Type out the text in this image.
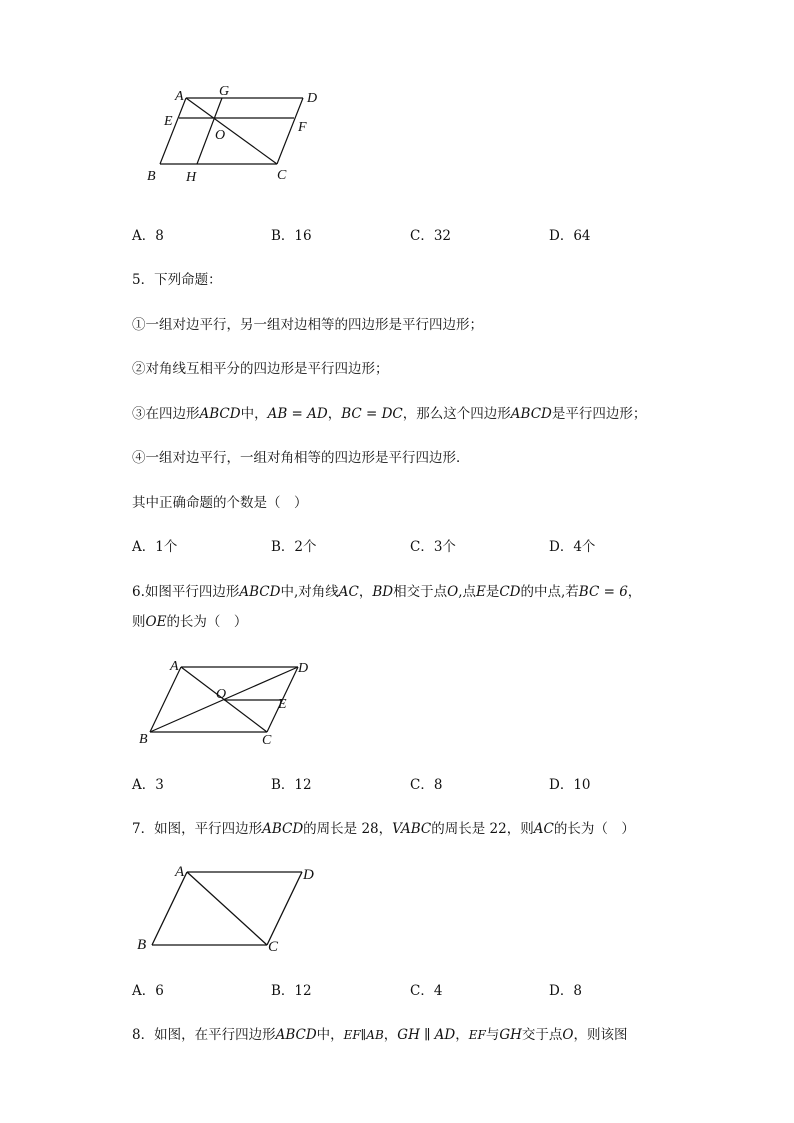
A	G	D
E	F
O
B H	C
A．8	B．16	C．32	D．64
5．下列命题：
①一组对边平行，另一组对边相等的四边形是平行四边形；
②对角线互相平分的四边形是平行四边形；
③在四边形ABCD中，AB = AD，BC = DC，那么这个四边形ABCD是平行四边形；
④一组对边平行，一组对角相等的四边形是平行四边形．
其中正确命题的个数是（　）
A．1个	B．2个	C．3个	D．4个
6.如图平行四边形ABCD中,对角线AC，BD相交于点O,点E是CD的中点,若BC = 6，
则OE的长为（　）
A	D
O
E
B	C
A．3	B．12	C．8	D．10
7．如图，平行四边形ABCD的周长是 28，VABC的周长是 22，则AC的长为（　）
A	D
B	C
A．6	B．12	C．4	D．8
8．如图，在平行四边形ABCD中，EF∥AB，GH ∥ AD，EF与GH交于点O，则该图
